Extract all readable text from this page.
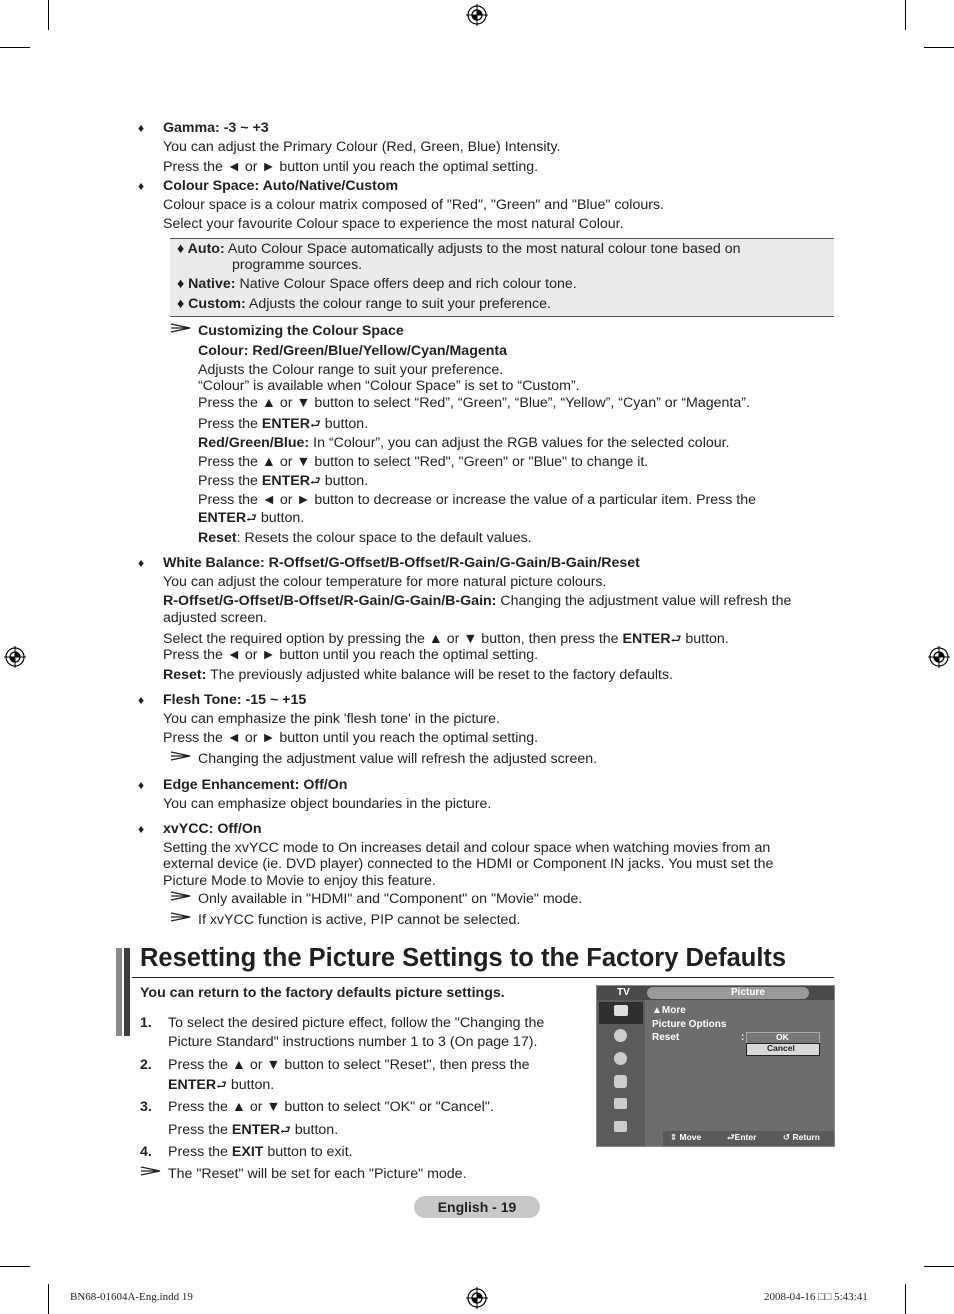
♦ Gamma: -3 ~ +3
You can adjust the Primary Colour (Red, Green, Blue) Intensity.
Press the ◄ or ► button until you reach the optimal setting.
♦ Colour Space: Auto/Native/Custom
Colour space is a colour matrix composed of "Red", "Green" and "Blue" colours.
Select your favourite Colour space to experience the most natural Colour.
♦ Auto: Auto Colour Space automatically adjusts to the most natural colour tone based on
programme sources.
♦ Native: Native Colour Space offers deep and rich colour tone.
♦ Custom: Adjusts the colour range to suit your preference.
Customizing the Colour Space
Colour: Red/Green/Blue/Yellow/Cyan/Magenta
Adjusts the Colour range to suit your preference.
“Colour” is available when “Colour Space” is set to “Custom”.
Press the ▲ or ▼ button to select “Red”, “Green”, “Blue”, “Yellow”, “Cyan” or “Magenta”.
Press the ENTER⮐ button.
Red/Green/Blue: In “Colour”, you can adjust the RGB values for the selected colour.
Press the ▲ or ▼ button to select "Red", "Green" or "Blue" to change it.
Press the ENTER⮐ button.
Press the ◄ or ► button to decrease or increase the value of a particular item. Press the
ENTER⮐ button.
Reset: Resets the colour space to the default values.
♦ White Balance: R-Offset/G-Offset/B-Offset/R-Gain/G-Gain/B-Gain/Reset
You can adjust the colour temperature for more natural picture colours.
R-Offset/G-Offset/B-Offset/R-Gain/G-Gain/B-Gain: Changing the adjustment value will refresh the
adjusted screen.
Select the required option by pressing the ▲ or ▼ button, then press the ENTER⮐ button.
Press the ◄ or ► button until you reach the optimal setting.
Reset: The previously adjusted white balance will be reset to the factory defaults.
♦ Flesh Tone: -15 ~ +15
You can emphasize the pink 'flesh tone' in the picture.
Press the ◄ or ► button until you reach the optimal setting.
Changing the adjustment value will refresh the adjusted screen.
♦ Edge Enhancement: Off/On
You can emphasize object boundaries in the picture.
♦ xvYCC: Off/On
Setting the xvYCC mode to On increases detail and colour space when watching movies from an
external device (ie. DVD player) connected to the HDMI or Component IN jacks. You must set the
Picture Mode to Movie to enjoy this feature.
Only available in "HDMI" and "Component" on "Movie" mode.
If xvYCC function is active, PIP cannot be selected.
Resetting the Picture Settings to the Factory Defaults
You can return to the factory defaults picture settings.
1. To select the desired picture effect, follow the "Changing the
Picture Standard" instructions number 1 to 3 (On page 17).
2. Press the ▲ or ▼ button to select "Reset", then press the
ENTER⮐ button.
3. Press the ▲ or ▼ button to select "OK" or "Cancel".
Press the ENTER⮐ button.
4. Press the EXIT button to exit.
The "Reset" will be set for each "Picture" mode.
TV	Picture
▲More
Picture Options
Reset	:	OK
Cancel
⇕ Move	⮐Enter	↺ Return
English - 19
BN68-01604A-Eng.indd 19	2008-04-16 □□ 5:43:41
